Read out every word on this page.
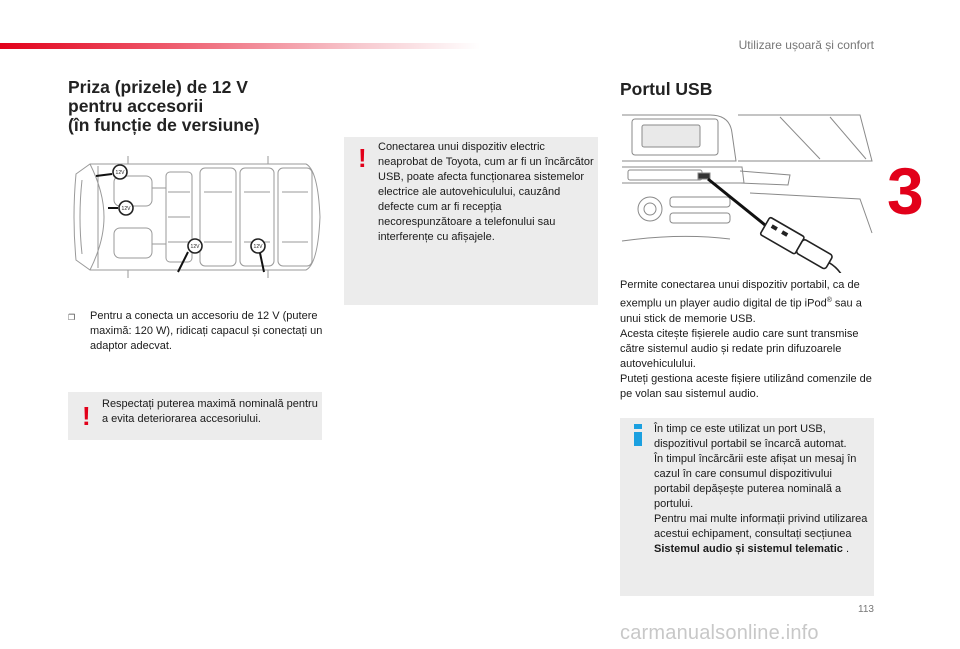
Utilizare ușoară și confort
3
Priza (prizele) de 12 V
pentru accesorii
(în funcție de versiune)
12V
12V
12V	12V
❐	Pentru a conecta un accesoriu de 12 V (putere maximă: 120 W), ridicați capacul și conectați un adaptor adecvat.
! Respectați puterea maximă nominală pentru a evita deteriorarea accesoriului.
! Conectarea unui dispozitiv electric neaprobat de Toyota, cum ar fi un încărcător USB, poate afecta funcționarea sistemelor electrice ale autovehiculului, cauzând defecte cum ar fi recepția necorespunzătoare a telefonului sau interferențe cu afișajele.
Portul USB
Permite conectarea unui dispozitiv portabil, ca de exemplu un player audio digital de tip iPod® sau a unui stick de memorie USB.
Acesta citește fișierele audio care sunt transmise către sistemul audio și redate prin difuzoarele autovehiculului.
Puteți gestiona aceste fișiere utilizând comenzile de pe volan sau sistemul audio.
În timp ce este utilizat un port USB, dispozitivul portabil se încarcă automat.
În timpul încărcării este afișat un mesaj în cazul în care consumul dispozitivului portabil depășește puterea nominală a portului.
Pentru mai multe informații privind utilizarea acestui echipament, consultați secțiunea Sistemul audio și sistemul telematic .
113
carmanualsonline.info
